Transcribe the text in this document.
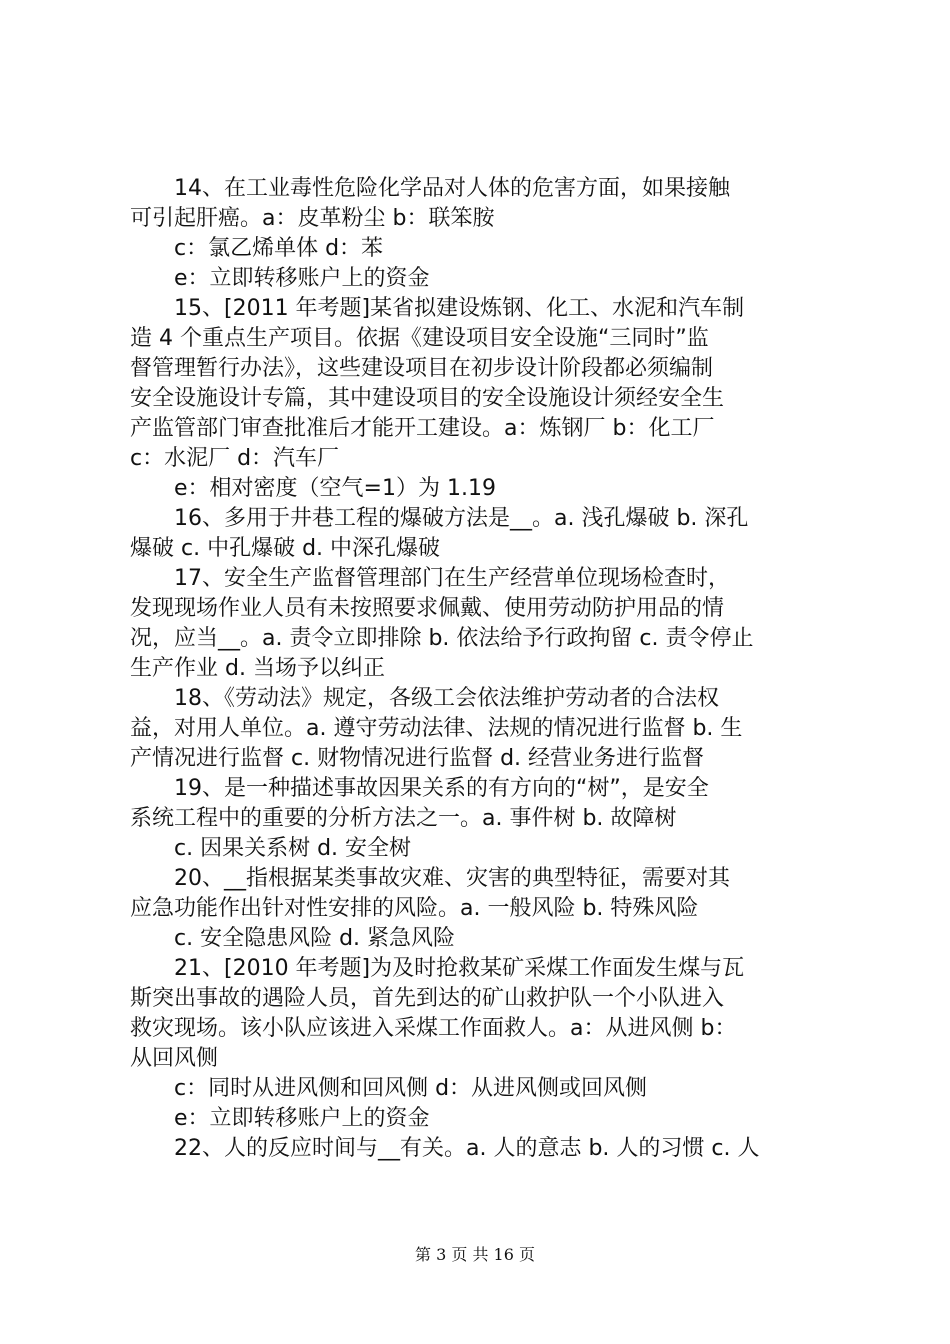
14、在工业毒性危险化学品对人体的危害方面，如果接触
可引起肝癌。a：皮革粉尘 b：联笨胺
c：氯乙烯单体 d：苯
e：立即转移账户上的资金
15、[2011 年考题]某省拟建设炼钢、化工、水泥和汽车制
造 4 个重点生产项目。依据《建设项目安全设施“三同时”监
督管理暂行办法》，这些建设项目在初步设计阶段都必须编制
安全设施设计专篇，其中建设项目的安全设施设计须经安全生
产监管部门审查批准后才能开工建设。a：炼钢厂 b：化工厂
c：水泥厂 d：汽车厂
e：相对密度（空气=1）为 1.19
16、多用于井巷工程的爆破方法是__。a. 浅孔爆破 b. 深孔
爆破 c. 中孔爆破 d. 中深孔爆破
17、安全生产监督管理部门在生产经营单位现场检查时，
发现现场作业人员有未按照要求佩戴、使用劳动防护用品的情
况，应当__。a. 责令立即排除 b. 依法给予行政拘留 c. 责令停止
生产作业 d. 当场予以纠正
18、《劳动法》规定，各级工会依法维护劳动者的合法权
益，对用人单位。a. 遵守劳动法律、法规的情况进行监督 b. 生
产情况进行监督 c. 财物情况进行监督 d. 经营业务进行监督
19、是一种描述事故因果关系的有方向的“树”，是安全
系统工程中的重要的分析方法之一。a. 事件树 b. 故障树
c. 因果关系树 d. 安全树
20、__指根据某类事故灾难、灾害的典型特征，需要对其
应急功能作出针对性安排的风险。a. 一般风险 b. 特殊风险
c. 安全隐患风险 d. 紧急风险
21、[2010 年考题]为及时抢救某矿采煤工作面发生煤与瓦
斯突出事故的遇险人员，首先到达的矿山救护队一个小队进入
救灾现场。该小队应该进入采煤工作面救人。a：从进风侧 b：
从回风侧
c：同时从进风侧和回风侧 d：从进风侧或回风侧
e：立即转移账户上的资金
22、人的反应时间与__有关。a. 人的意志 b. 人的习惯 c. 人
第 3 页 共 16 页
